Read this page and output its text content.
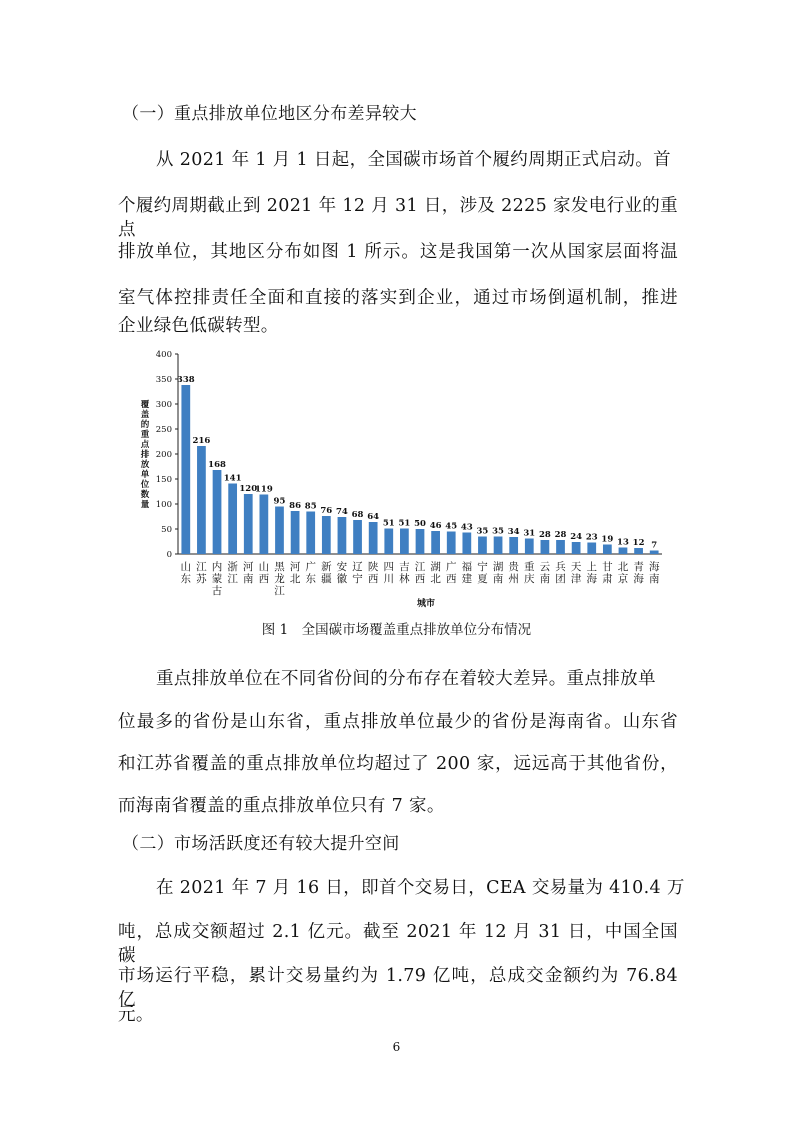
（一）重点排放单位地区分布差异较大
从 2021 年 1 月 1 日起，全国碳市场首个履约周期正式启动。首
个履约周期截止到 2021 年 12 月 31 日，涉及 2225 家发电行业的重点
排放单位，其地区分布如图 1 所示。这是我国第一次从国家层面将温
室气体控排责任全面和直接的落实到企业，通过市场倒逼机制，推进
企业绿色低碳转型。
0
50
100
150
200
250
300
350
400
覆
盖
的
重
点
排
放
单
位
数
量
338
山
东
216
江
苏
168
内
蒙
古
141
浙
江
120
河
南
119
山
西
95
黑
龙
江
86
河
北
85
广
东
76
新
疆
74
安
徽
68
辽
宁
64
陕
西
51
四
川
51
吉
林
50
江
西
46
湖
北
45
广
西
43
福
建
35
宁
夏
35
湖
南
34
贵
州
31
重
庆
28
云
南
28
兵
团
24
天
津
23
上
海
19
甘
肃
13
北
京
12
青
海
7
海
南
城市
图 1　全国碳市场覆盖重点排放单位分布情况
重点排放单位在不同省份间的分布存在着较大差异。重点排放单
位最多的省份是山东省，重点排放单位最少的省份是海南省。山东省
和江苏省覆盖的重点排放单位均超过了 200 家，远远高于其他省份，
而海南省覆盖的重点排放单位只有 7 家。
（二）市场活跃度还有较大提升空间
在 2021 年 7 月 16 日，即首个交易日，CEA 交易量为 410.4 万
吨，总成交额超过 2.1 亿元。截至 2021 年 12 月 31 日，中国全国碳
市场运行平稳，累计交易量约为 1.79 亿吨，总成交金额约为 76.84 亿
元。
6
